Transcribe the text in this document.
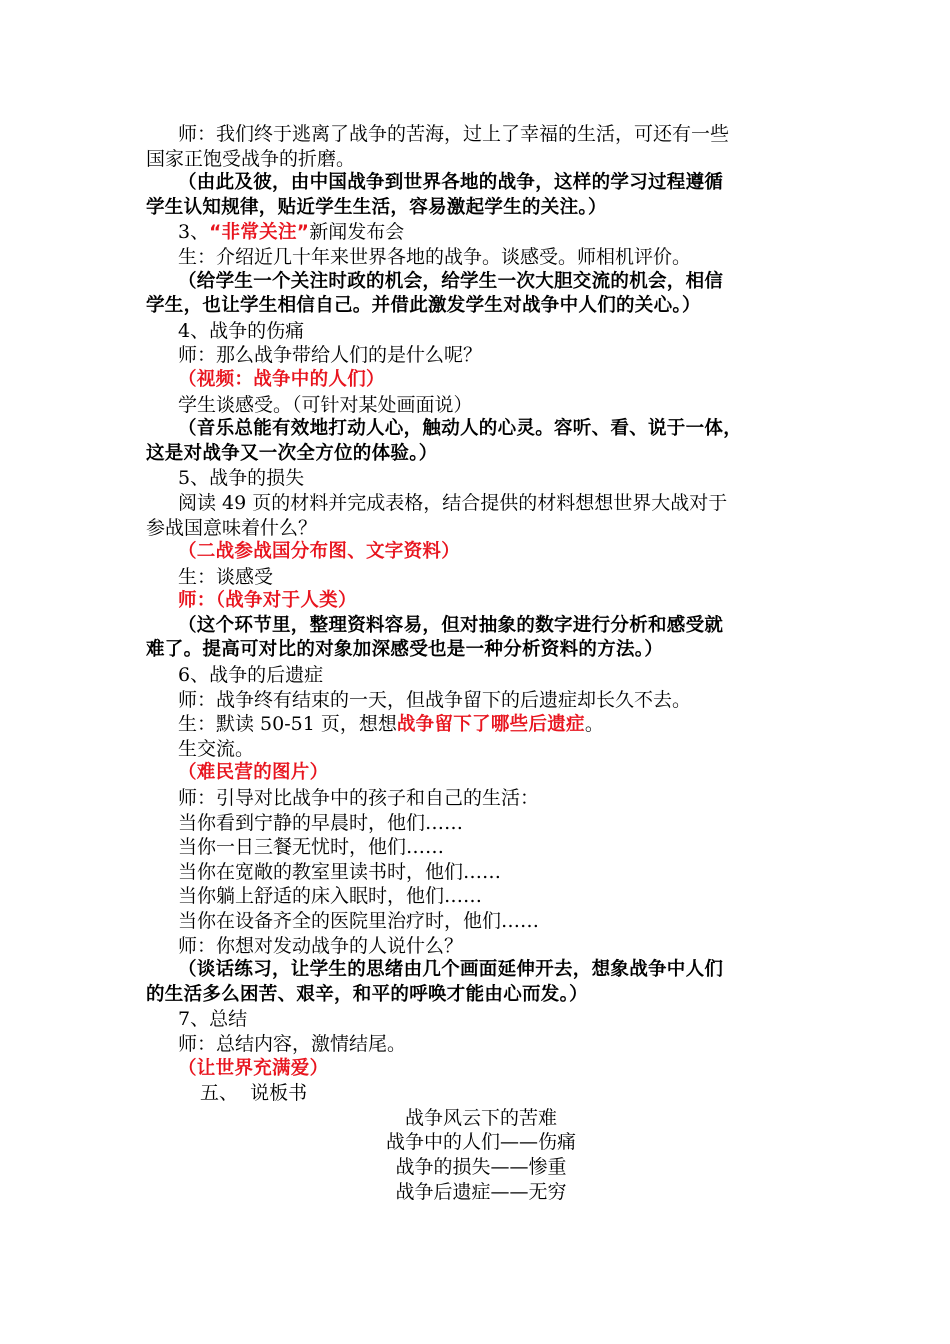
师：我们终于逃离了战争的苦海，过上了幸福的生活，可还有一些
国家正饱受战争的折磨。
（由此及彼，由中国战争到世界各地的战争，这样的学习过程遵循
学生认知规律，贴近学生生活，容易激起学生的关注。）
3、“非常关注”新闻发布会
生：介绍近几十年来世界各地的战争。谈感受。师相机评价。
（给学生一个关注时政的机会，给学生一次大胆交流的机会，相信
学生，也让学生相信自己。并借此激发学生对战争中人们的关心。）
4、战争的伤痛
师：那么战争带给人们的是什么呢？
（视频：战争中的人们）
学生谈感受。（可针对某处画面说）
（音乐总能有效地打动人心，触动人的心灵。容听、看、说于一体，
这是对战争又一次全方位的体验。）
5、战争的损失
阅读 49 页的材料并完成表格，结合提供的材料想想世界大战对于
参战国意味着什么？
（二战参战国分布图、文字资料）
生：谈感受
师：（战争对于人类）
（这个环节里，整理资料容易，但对抽象的数字进行分析和感受就
难了。提高可对比的对象加深感受也是一种分析资料的方法。）
6、战争的后遗症
师：战争终有结束的一天，但战争留下的后遗症却长久不去。
生：默读 50-51 页，想想战争留下了哪些后遗症。
生交流。
（难民营的图片）
师：引导对比战争中的孩子和自己的生活：
当你看到宁静的早晨时，他们……
当你一日三餐无忧时，他们……
当你在宽敞的教室里读书时，他们……
当你躺上舒适的床入眠时，他们……
当你在设备齐全的医院里治疗时，他们……
师：你想对发动战争的人说什么？
（谈话练习，让学生的思绪由几个画面延伸开去，想象战争中人们
的生活多么困苦、艰辛，和平的呼唤才能由心而发。）
7、总结
师：总结内容，激情结尾。
（让世界充满爱）
五、  说板书
战争风云下的苦难
战争中的人们——伤痛
战争的损失——惨重
战争后遗症——无穷
